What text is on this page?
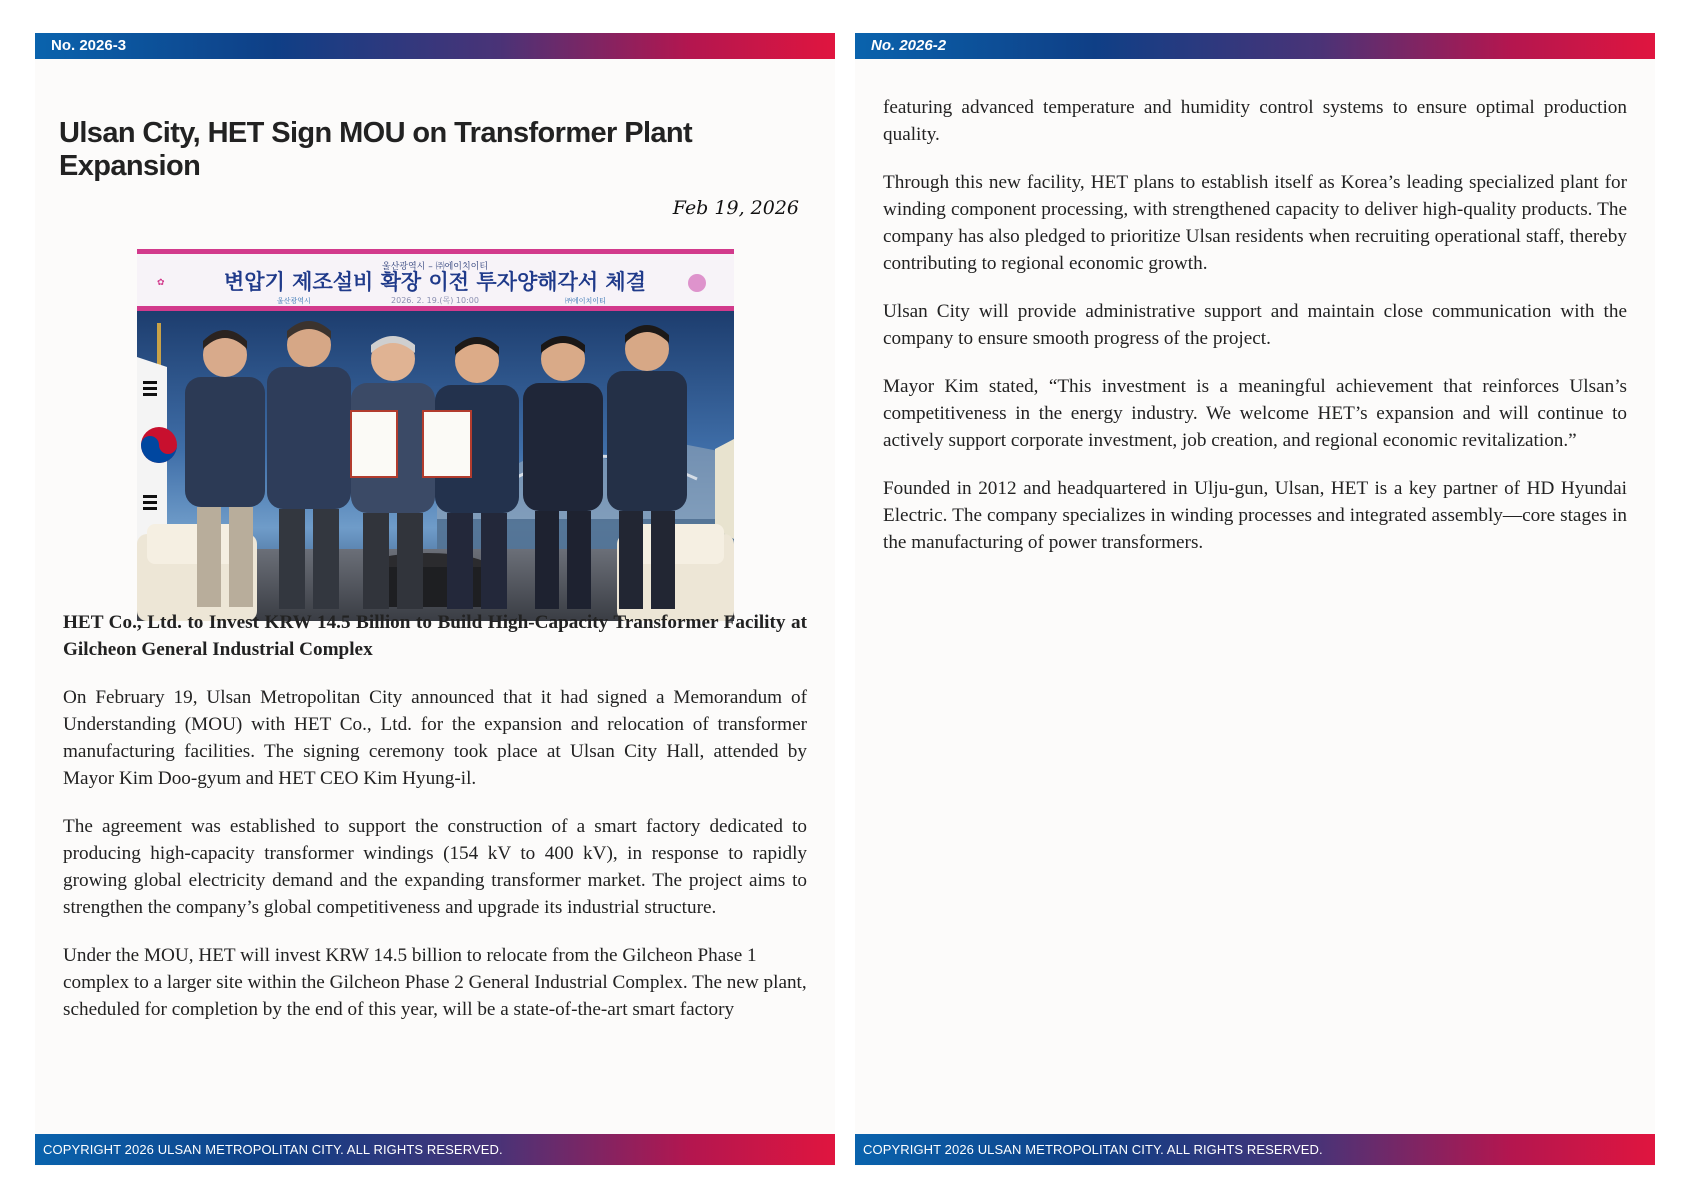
No. 2026-3
Ulsan City, HET Sign MOU on Transformer Plant Expansion
Feb 19, 2026
울산광역시 – ㈜에이치이티
변압기 제조설비 확장 이전 투자양해각서 체결
2026. 2. 19.(목) 10:00
울산광역시	㈜에이치이티
✿

HET Co., Ltd. to Invest KRW 14.5 Billion to Build High-Capacity Transformer Facility at Gilcheon General Industrial Complex

On February 19, Ulsan Metropolitan City announced that it had signed a Memorandum of Understanding (MOU) with HET Co., Ltd. for the expansion and relocation of transformer manufacturing facilities. The signing ceremony took place at Ulsan City Hall, attended by Mayor Kim Doo-gyum and HET CEO Kim Hyung-il.

The agreement was established to support the construction of a smart factory dedicated to producing high-capacity transformer windings (154 kV to 400 kV), in response to rapidly growing global electricity demand and the expanding transformer market. The project aims to strengthen the company’s global competitiveness and upgrade its industrial structure.

Under the MOU, HET will invest KRW 14.5 billion to relocate from the Gilcheon Phase 1 complex to a larger site within the Gilcheon Phase 2 General Industrial Complex. The new plant, scheduled for completion by the end of this year, will be a state-of-the-art smart factory

COPYRIGHT 2026 ULSAN METROPOLITAN CITY. ALL RIGHTS RESERVED.
No. 2026-2

featuring advanced temperature and humidity control systems to ensure optimal production quality.

Through this new facility, HET plans to establish itself as Korea’s leading specialized plant for winding component processing, with strengthened capacity to deliver high-quality products. The company has also pledged to prioritize Ulsan residents when recruiting operational staff, thereby contributing to regional economic growth.

Ulsan City will provide administrative support and maintain close communication with the company to ensure smooth progress of the project.

Mayor Kim stated, “This investment is a meaningful achievement that reinforces Ulsan’s competitiveness in the energy industry. We welcome HET’s expansion and will continue to actively support corporate investment, job creation, and regional economic revitalization.”

Founded in 2012 and headquartered in Ulju-gun, Ulsan, HET is a key partner of HD Hyundai Electric. The company specializes in winding processes and integrated assembly—core stages in the manufacturing of power transformers.

COPYRIGHT 2026 ULSAN METROPOLITAN CITY. ALL RIGHTS RESERVED.
